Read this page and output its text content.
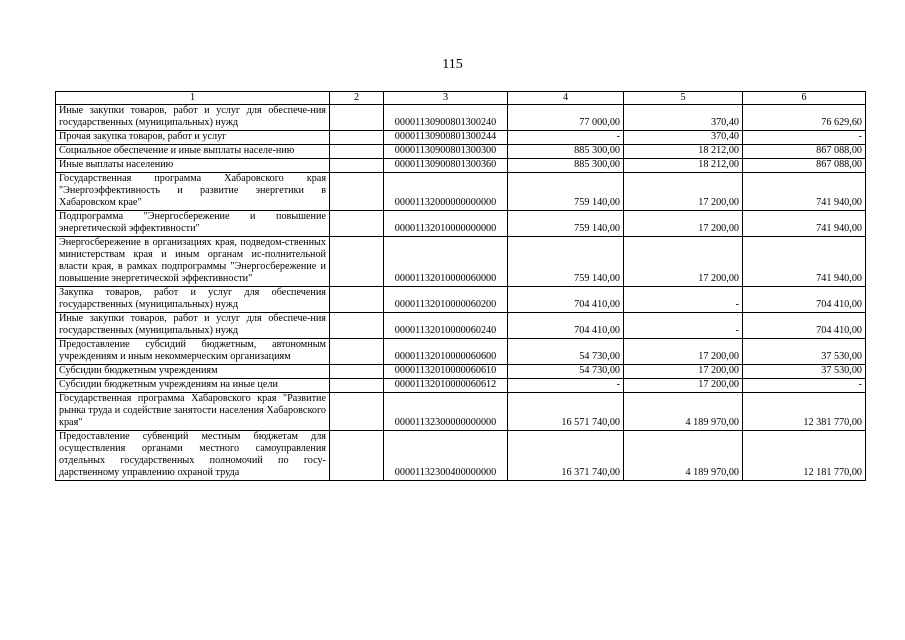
115
1	2	3	4	5	6
Иные закупки товаров, работ и услуг для обеспече-ния государственных (муниципальных) нужд		00001130900801300240	77 000,00	370,40	76 629,60
Прочая закупка товаров, работ и услуг		00001130900801300244	-	370,40	-
Социальное обеспечение и иные выплаты населе-нию		00001130900801300300	885 300,00	18 212,00	867 088,00
Иные выплаты населению		00001130900801300360	885 300,00	18 212,00	867 088,00
Государственная программа Хабаровского края "Энергоэффективность и развитие энергетики в Хабаровском крае"		00001132000000000000	759 140,00	17 200,00	741 940,00
Подпрограмма "Энергосбережение и повышение энергетической эффективности"		00001132010000000000	759 140,00	17 200,00	741 940,00
Энергосбережение в организациях края, подведом-ственных министерствам края и иным органам ис-полнительной власти края, в рамках подпрограммы "Энергосбережение и повышение энергетической эффективности"		00001132010000060000	759 140,00	17 200,00	741 940,00
Закупка товаров, работ и услуг для обеспечения государственных (муниципальных) нужд		00001132010000060200	704 410,00	-	704 410,00
Иные закупки товаров, работ и услуг для обеспече-ния государственных (муниципальных) нужд		00001132010000060240	704 410,00	-	704 410,00
Предоставление субсидий бюджетным, автономным учреждениям и иным некоммерческим организациям		00001132010000060600	54 730,00	17 200,00	37 530,00
Субсидии бюджетным учреждениям		00001132010000060610	54 730,00	17 200,00	37 530,00
Субсидии бюджетным учреждениям на иные цели		00001132010000060612	-	17 200,00	-
Государственная программа Хабаровского края "Развитие рынка труда и содействие занятости населения Хабаровского края"		00001132300000000000	16 571 740,00	4 189 970,00	12 381 770,00
Предоставление субвенций местным бюджетам для осуществления органами местного самоуправления отдельных государственных полномочий по госу-дарственному управлению охраной труда		00001132300400000000	16 371 740,00	4 189 970,00	12 181 770,00
